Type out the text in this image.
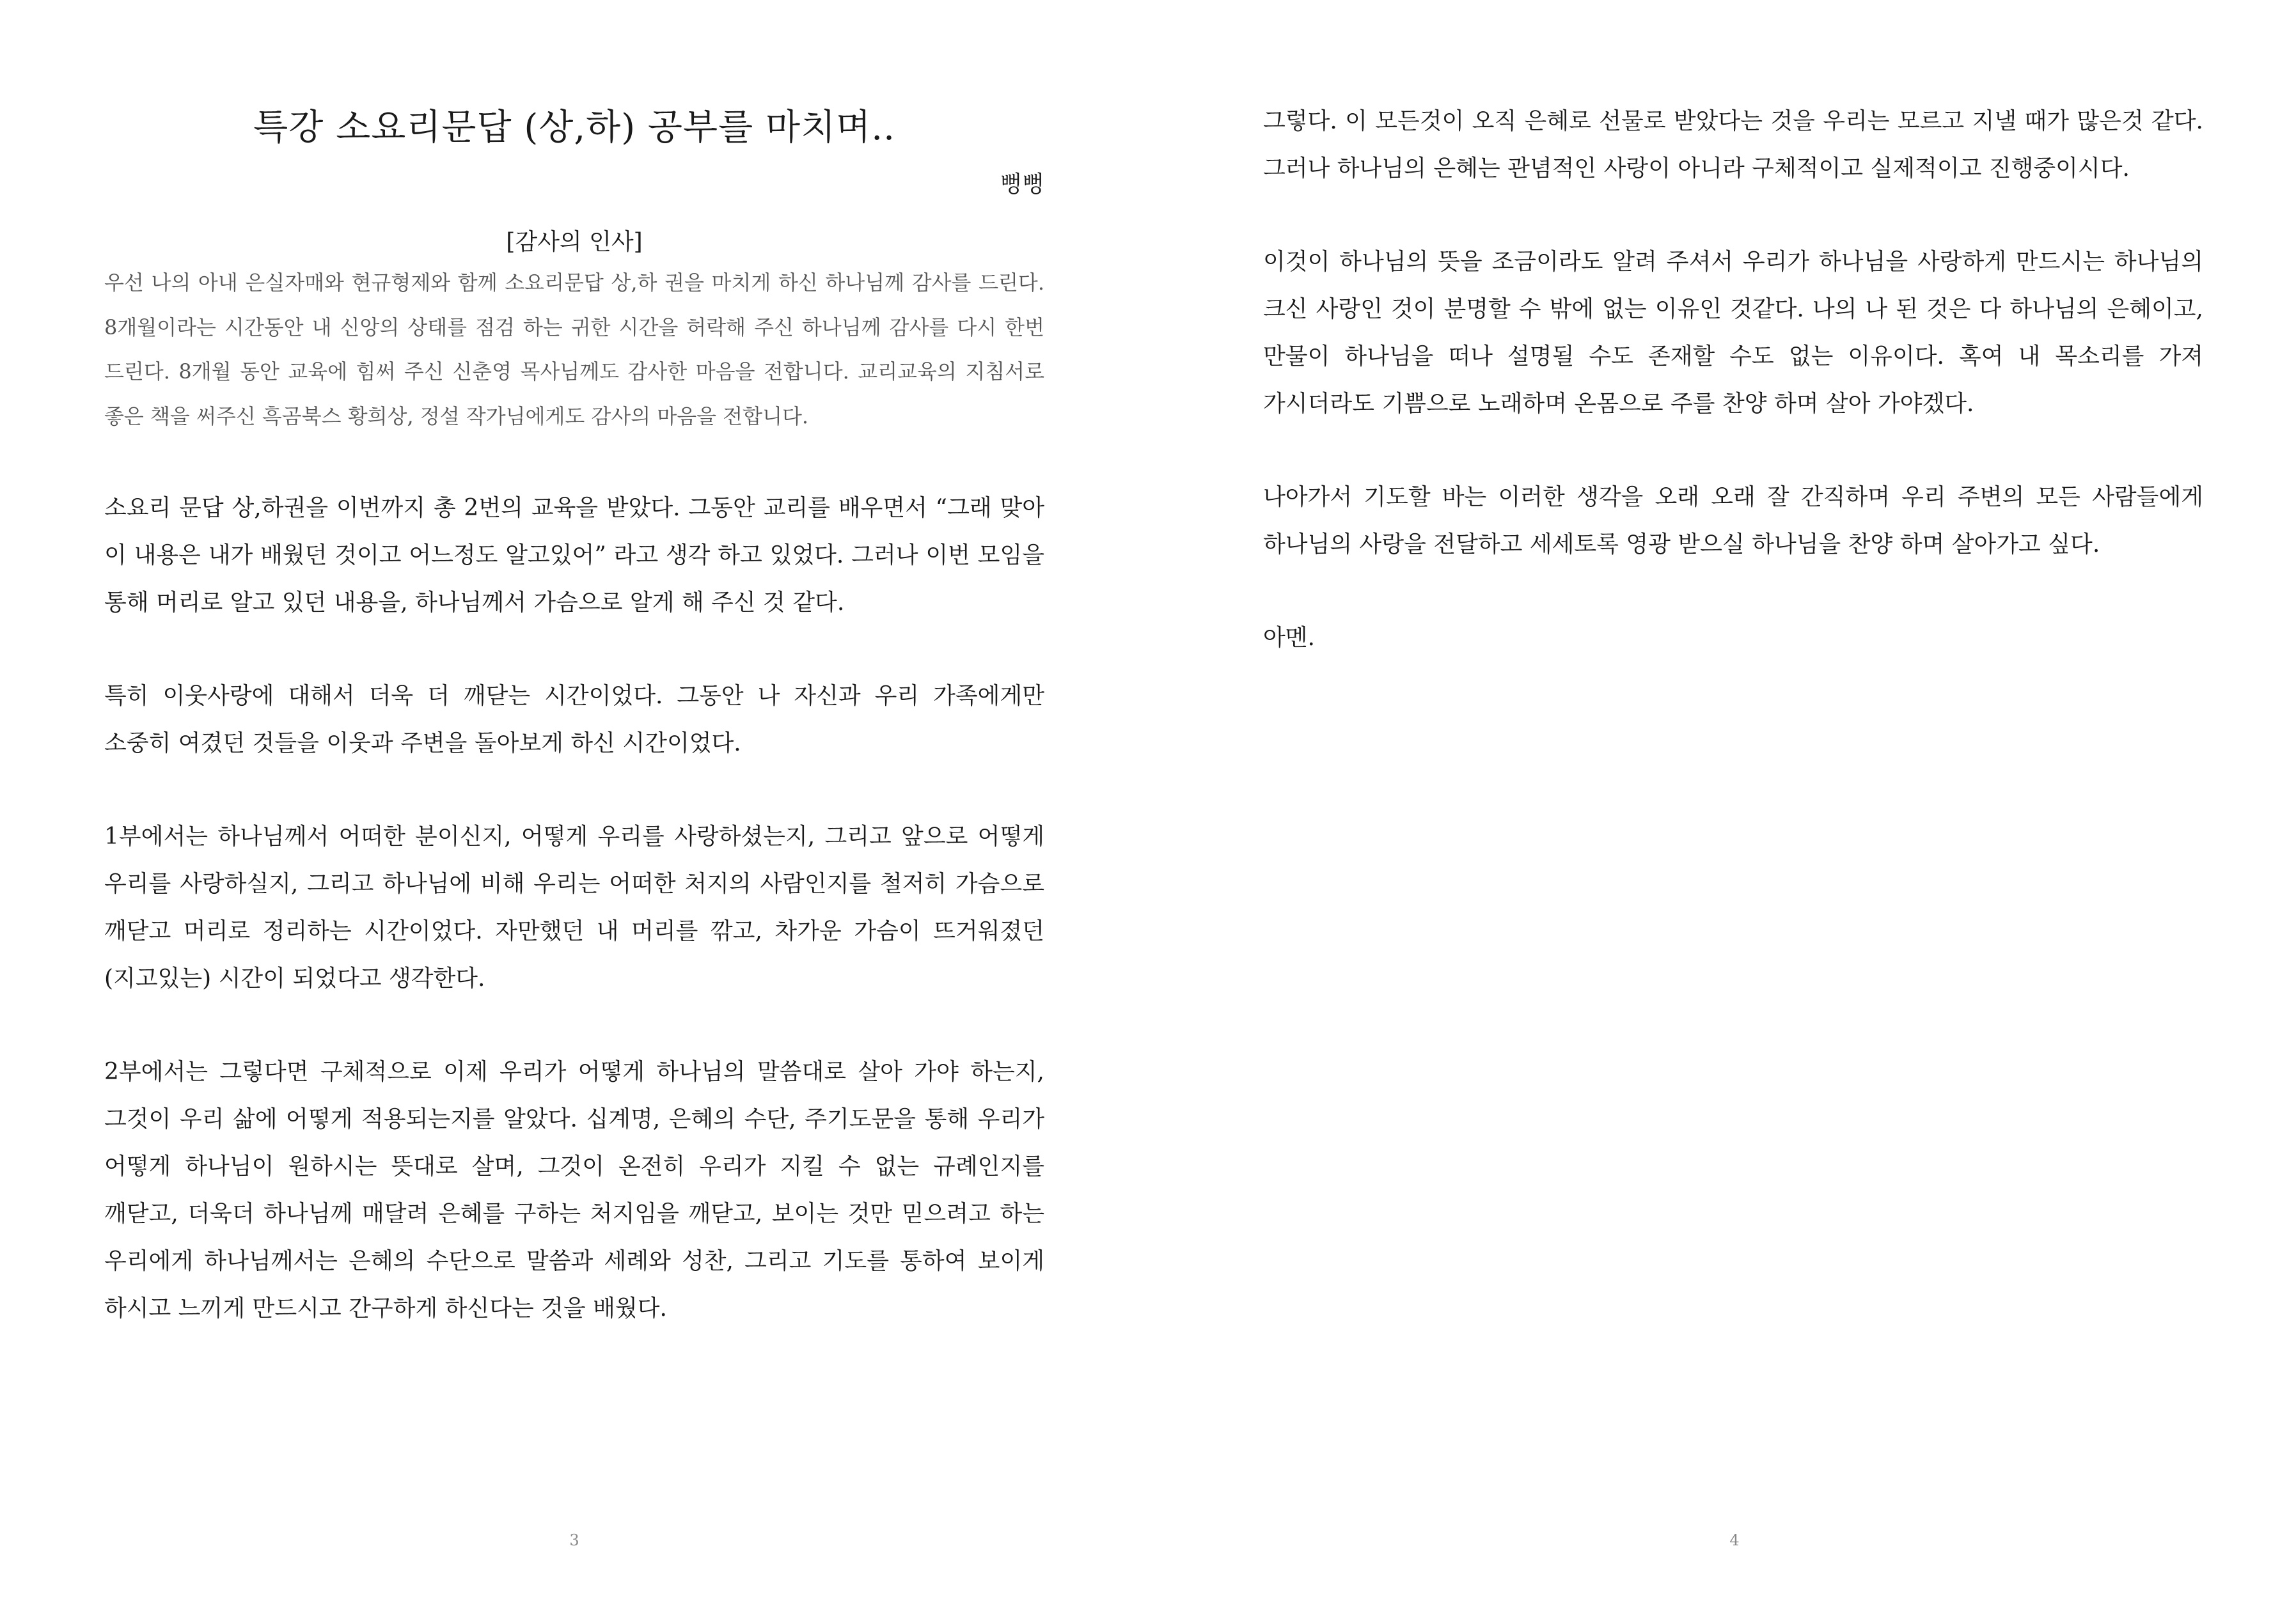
특강 소요리문답 (상,하) 공부를 마치며..
뻥뻥
[감사의 인사]

우선 나의 아내 은실자매와 현규형제와 함께 소요리문답 상,하 권을 마치게 하신 하나님께 감사를 드린다. 8개월이라는 시간동안 내 신앙의 상태를 점검 하는 귀한 시간을 허락해 주신 하나님께 감사를 다시 한번 드린다. 8개월 동안 교육에 힘써 주신 신춘영 목사님께도 감사한 마음을 전합니다. 교리교육의 지침서로 좋은 책을 써주신 흑곰북스 황희상, 정설 작가님에게도 감사의 마음을 전합니다.

소요리 문답 상,하권을 이번까지 총 2번의 교육을 받았다. 그동안 교리를 배우면서 “그래 맞아 이 내용은 내가 배웠던 것이고 어느정도 알고있어” 라고 생각 하고 있었다. 그러나 이번 모임을 통해 머리로 알고 있던 내용을, 하나님께서 가슴으로 알게 해 주신 것 같다.

특히 이웃사랑에 대해서 더욱 더 깨닫는 시간이었다. 그동안 나 자신과 우리 가족에게만 소중히 여겼던 것들을 이웃과 주변을 돌아보게 하신 시간이었다.

1부에서는 하나님께서 어떠한 분이신지, 어떻게 우리를 사랑하셨는지, 그리고 앞으로 어떻게 우리를 사랑하실지, 그리고 하나님에 비해 우리는 어떠한 처지의 사람인지를 철저히 가슴으로 깨닫고 머리로 정리하는 시간이었다. 자만했던 내 머리를 깎고, 차가운 가슴이 뜨거워졌던(지고있는) 시간이 되었다고 생각한다.

2부에서는 그렇다면 구체적으로 이제 우리가 어떻게 하나님의 말씀대로 살아 가야 하는지, 그것이 우리 삶에 어떻게 적용되는지를 알았다. 십계명, 은혜의 수단, 주기도문을 통해 우리가 어떻게 하나님이 원하시는 뜻대로 살며, 그것이 온전히 우리가 지킬 수 없는 규례인지를 깨닫고, 더욱더 하나님께 매달려 은혜를 구하는 처지임을 깨닫고, 보이는 것만 믿으려고 하는 우리에게 하나님께서는 은혜의 수단으로 말씀과 세례와 성찬, 그리고 기도를 통하여 보이게 하시고 느끼게 만드시고 간구하게 하신다는 것을 배웠다.

3

그렇다. 이 모든것이 오직 은혜로 선물로 받았다는 것을 우리는 모르고 지낼 때가 많은것 같다. 그러나 하나님의 은혜는 관념적인 사랑이 아니라 구체적이고 실제적이고 진행중이시다.

이것이 하나님의 뜻을 조금이라도 알려 주셔서 우리가 하나님을 사랑하게 만드시는 하나님의 크신 사랑인 것이 분명할 수 밖에 없는 이유인 것같다. 나의 나 된 것은 다 하나님의 은혜이고, 만물이 하나님을 떠나 설명될 수도 존재할 수도 없는 이유이다. 혹여 내 목소리를 가져 가시더라도 기쁨으로 노래하며 온몸으로 주를 찬양 하며 살아 가야겠다.

나아가서 기도할 바는 이러한 생각을 오래 오래 잘 간직하며 우리 주변의 모든 사람들에게 하나님의 사랑을 전달하고 세세토록 영광 받으실 하나님을 찬양 하며 살아가고 싶다.

아멘.

4
